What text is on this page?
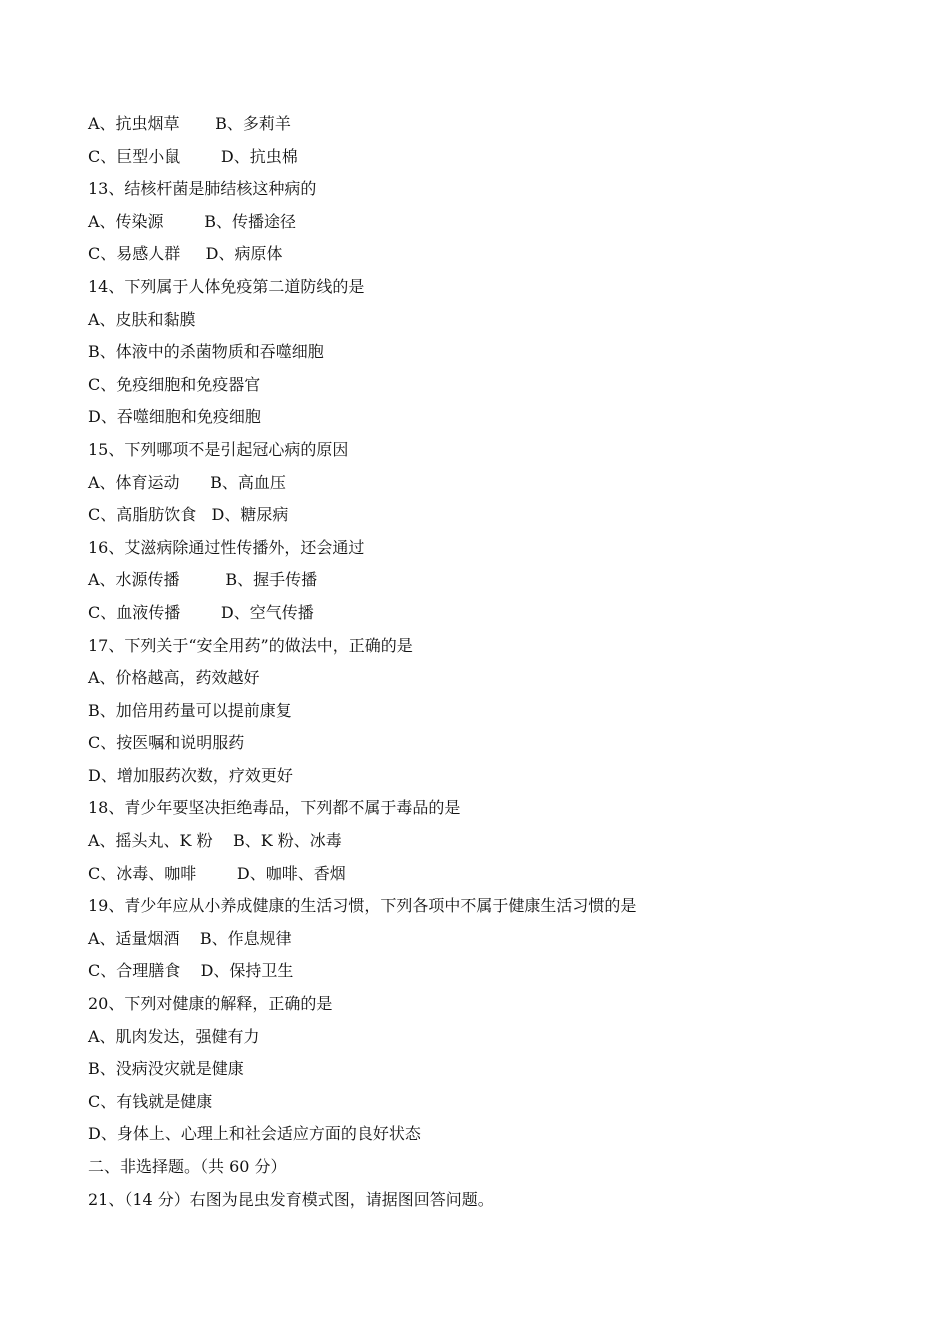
A、抗虫烟草       B、多莉羊
C、巨型小鼠        D、抗虫棉
13、结核杆菌是肺结核这种病的
A、传染源        B、传播途径
C、易感人群     D、病原体
14、下列属于人体免疫第二道防线的是
A、皮肤和黏膜
B、体液中的杀菌物质和吞噬细胞
C、免疫细胞和免疫器官
D、吞噬细胞和免疫细胞
15、下列哪项不是引起冠心病的原因
A、体育运动      B、高血压
C、高脂肪饮食   D、糖尿病
16、艾滋病除通过性传播外，还会通过
A、水源传播         B、握手传播
C、血液传播        D、空气传播
17、下列关于“安全用药”的做法中，正确的是
A、价格越高，药效越好
B、加倍用药量可以提前康复
C、按医嘱和说明服药
D、增加服药次数，疗效更好
18、青少年要坚决拒绝毒品，下列都不属于毒品的是
A、摇头丸、K 粉    B、K 粉、冰毒
C、冰毒、咖啡        D、咖啡、香烟
19、青少年应从小养成健康的生活习惯，下列各项中不属于健康生活习惯的是
A、适量烟酒    B、作息规律
C、合理膳食    D、保持卫生
20、下列对健康的解释，正确的是
A、肌肉发达，强健有力
B、没病没灾就是健康
C、有钱就是健康
D、身体上、心理上和社会适应方面的良好状态
二、非选择题。（共 60 分）
21、（14 分）右图为昆虫发育模式图，请据图回答问题。
